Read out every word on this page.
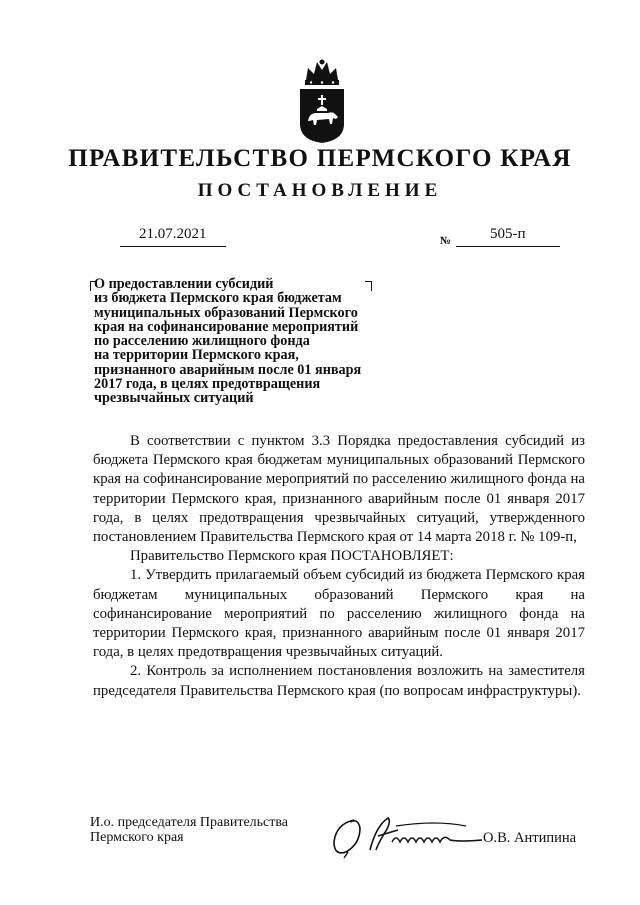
ПРАВИТЕЛЬСТВО ПЕРМСКОГО КРАЯ
ПОСТАНОВЛЕНИЕ
21.07.2021	№	505-п
О предоставлении субсидий
из бюджета Пермского края бюджетам
муниципальных образований Пермского
края на софинансирование мероприятий
по расселению жилищного фонда
на территории Пермского края,
признанного аварийным после 01 января
2017 года, в целях предотвращения
чрезвычайных ситуаций

В соответствии с пунктом 3.3 Порядка предоставления субсидий из бюджета Пермского края бюджетам муниципальных образований Пермского края на софинансирование мероприятий по расселению жилищного фонда на территории Пермского края, признанного аварийным после 01 января 2017 года, в целях предотвращения чрезвычайных ситуаций, утвержденного постановлением Правительства Пермского края от 14 марта 2018 г. № 109-п,

Правительство Пермского края ПОСТАНОВЛЯЕТ:

1. Утвердить прилагаемый объем субсидий из бюджета Пермского края бюджетам муниципальных образований Пермского края на софинансирование мероприятий по расселению жилищного фонда на территории Пермского края, признанного аварийным после 01 января 2017 года, в целях предотвращения чрезвычайных ситуаций.

2. Контроль за исполнением постановления возложить на заместителя председателя Правительства Пермского края (по вопросам инфраструктуры).

И.о. председателя Правительства
Пермского края	О.В. Антипина
